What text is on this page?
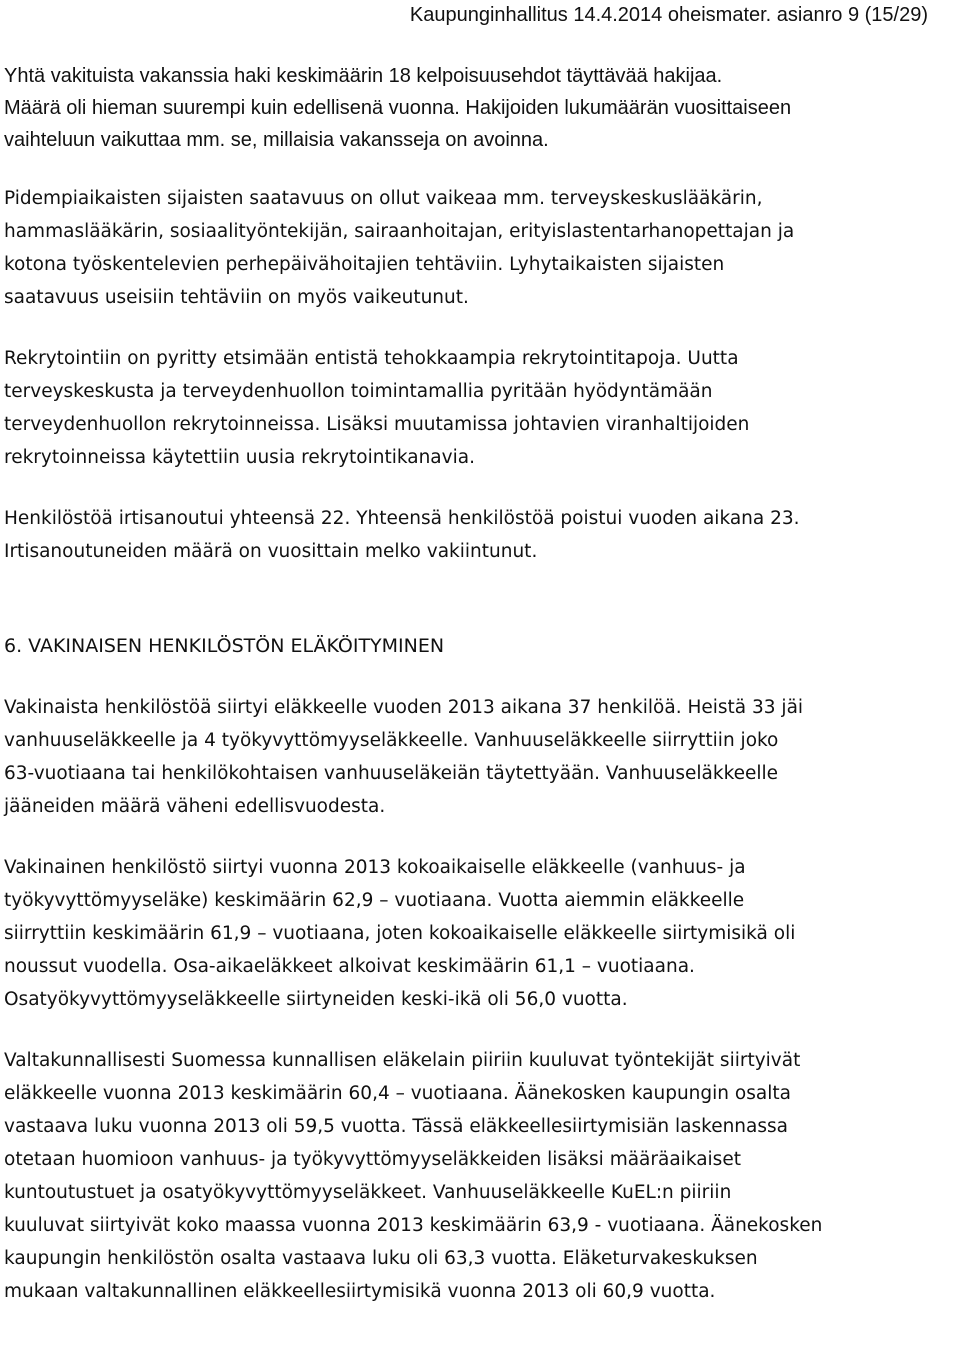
Kaupunginhallitus 14.4.2014 oheismater. asianro 9 (15/29)

Yhtä vakituista vakanssia haki keskimäärin 18 kelpoisuusehdot täyttävää hakijaa.
Määrä oli hieman suurempi kuin edellisenä vuonna. Hakijoiden lukumäärän vuosittaiseen
vaihteluun vaikuttaa mm. se, millaisia vakansseja on avoinna.

Pidempiaikaisten sijaisten saatavuus on ollut vaikeaa mm. terveyskeskuslääkärin,
hammaslääkärin, sosiaalityöntekijän, sairaanhoitajan, erityislastentarhanopettajan ja
kotona työskentelevien perhepäivähoitajien tehtäviin. Lyhytaikaisten sijaisten
saatavuus useisiin tehtäviin on myös vaikeutunut.

Rekrytointiin on pyritty etsimään entistä tehokkaampia rekrytointitapoja. Uutta
terveyskeskusta ja terveydenhuollon toimintamallia pyritään hyödyntämään
terveydenhuollon rekrytoinneissa. Lisäksi muutamissa johtavien viranhaltijoiden
rekrytoinneissa käytettiin uusia rekrytointikanavia.

Henkilöstöä irtisanoutui yhteensä 22. Yhteensä henkilöstöä poistui vuoden aikana 23.
Irtisanoutuneiden määrä on vuosittain melko vakiintunut.

6. VAKINAISEN HENKILÖSTÖN ELÄKÖITYMINEN

Vakinaista henkilöstöä siirtyi eläkkeelle vuoden 2013 aikana 37 henkilöä. Heistä 33 jäi
vanhuuseläkkeelle ja 4 työkyvyttömyyseläkkeelle. Vanhuuseläkkeelle siirryttiin joko
63-vuotiaana tai henkilökohtaisen vanhuuseläkeiän täytettyään. Vanhuuseläkkeelle
jääneiden määrä väheni edellisvuodesta.

Vakinainen henkilöstö siirtyi vuonna 2013 kokoaikaiselle eläkkeelle (vanhuus- ja
työkyvyttömyyseläke) keskimäärin 62,9 – vuotiaana. Vuotta aiemmin eläkkeelle
siirryttiin keskimäärin 61,9 – vuotiaana, joten kokoaikaiselle eläkkeelle siirtymisikä oli
noussut vuodella. Osa-aikaeläkkeet alkoivat keskimäärin 61,1 – vuotiaana.
Osatyökyvyttömyyseläkkeelle siirtyneiden keski-ikä oli 56,0 vuotta.

Valtakunnallisesti Suomessa kunnallisen eläkelain piiriin kuuluvat työntekijät siirtyivät
eläkkeelle vuonna 2013 keskimäärin 60,4 – vuotiaana. Äänekosken kaupungin osalta
vastaava luku vuonna 2013 oli 59,5 vuotta. Tässä eläkkeellesiirtymisiän laskennassa
otetaan huomioon vanhuus- ja työkyvyttömyyseläkkeiden lisäksi määräaikaiset
kuntoutustuet ja osatyökyvyttömyyseläkkeet. Vanhuuseläkkeelle KuEL:n piiriin
kuuluvat siirtyivät koko maassa vuonna 2013 keskimäärin 63,9 - vuotiaana. Äänekosken
kaupungin henkilöstön osalta vastaava luku oli 63,3 vuotta. Eläketurvakeskuksen
mukaan valtakunnallinen eläkkeellesiirtymisikä vuonna 2013 oli 60,9 vuotta.
